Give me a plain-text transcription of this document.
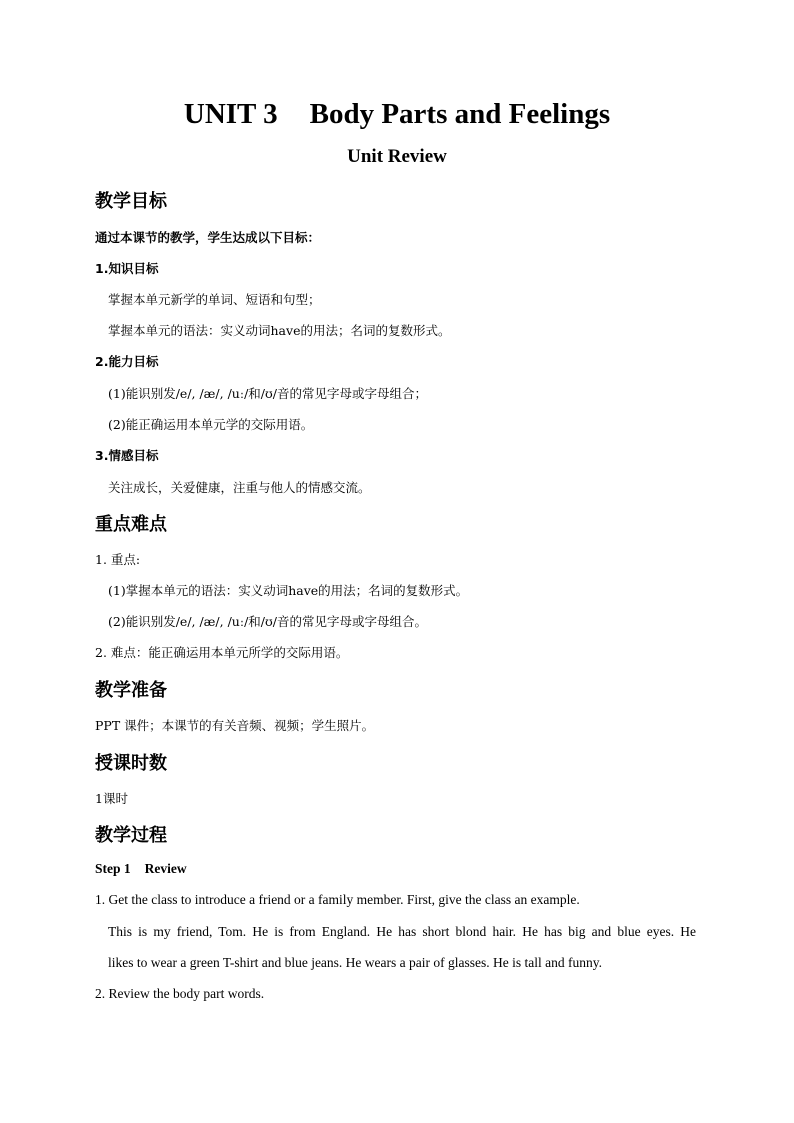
UNIT 3 Body Parts and Feelings
Unit Review
教学目标
通过本课节的教学，学生达成以下目标：
1.知识目标
掌握本单元新学的单词、短语和句型；
掌握本单元的语法：实义动词have的用法；名词的复数形式。
2.能力目标
(1)能识别发/e/, /æ/, /uː/和/ʊ/音的常见字母或字母组合；
(2)能正确运用本单元学的交际用语。
3.情感目标
关注成长，关爱健康，注重与他人的情感交流。
重点难点
1. 重点:
(1)掌握本单元的语法：实义动词have的用法；名词的复数形式。
(2)能识别发/e/, /æ/, /uː/和/ʊ/音的常见字母或字母组合。
2. 难点：能正确运用本单元所学的交际用语。
教学准备
PPT 课件；本课节的有关音频、视频；学生照片。
授课时数
1课时
教学过程
Step 1 Review
1. Get the class to introduce a friend or a family member. First, give the class an example.
This is my friend, Tom. He is from England. He has short blond hair. He has big and blue eyes. He
likes to wear a green T-shirt and blue jeans. He wears a pair of glasses. He is tall and funny.
2. Review the body part words.
